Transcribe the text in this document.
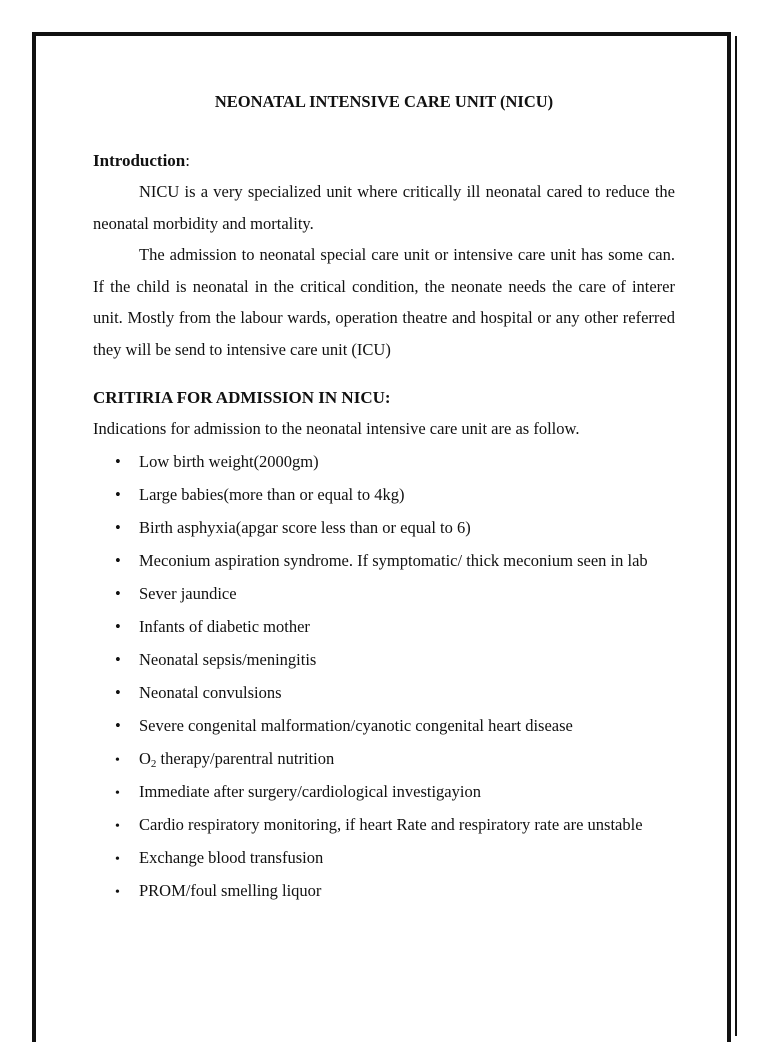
NEONATAL INTENSIVE CARE UNIT (NICU)

Introduction:

NICU is a very specialized unit where critically ill neonatal cared to reduce the neonatal morbidity and mortality.

The admission to neonatal special care unit or intensive care unit has some can. If the child is neonatal in the critical condition, the neonate needs the care of interer unit. Mostly from the labour wards, operation theatre and hospital or any other referred they will be send to intensive care unit (ICU)

CRITIRIA FOR ADMISSION IN NICU:

Indications for admission to the neonatal intensive care unit are as follow.

•	Low birth weight(2000gm)
•	Large babies(more than or equal to 4kg)
•	Birth asphyxia(apgar score less than or equal to 6)
•	Meconium aspiration syndrome. If symptomatic/ thick meconium seen in lab
•	Sever jaundice
•	Infants of diabetic mother
•	Neonatal sepsis/meningitis
•	Neonatal convulsions
•	Severe congenital malformation/cyanotic congenital heart disease
•	$O_2$ therapy/parentral nutrition
•	Immediate after surgery/cardiological investigayion
•	Cardio respiratory monitoring, if heart Rate and respiratory rate are unstable
•	Exchange blood transfusion
•	PROM/foul smelling liquor
